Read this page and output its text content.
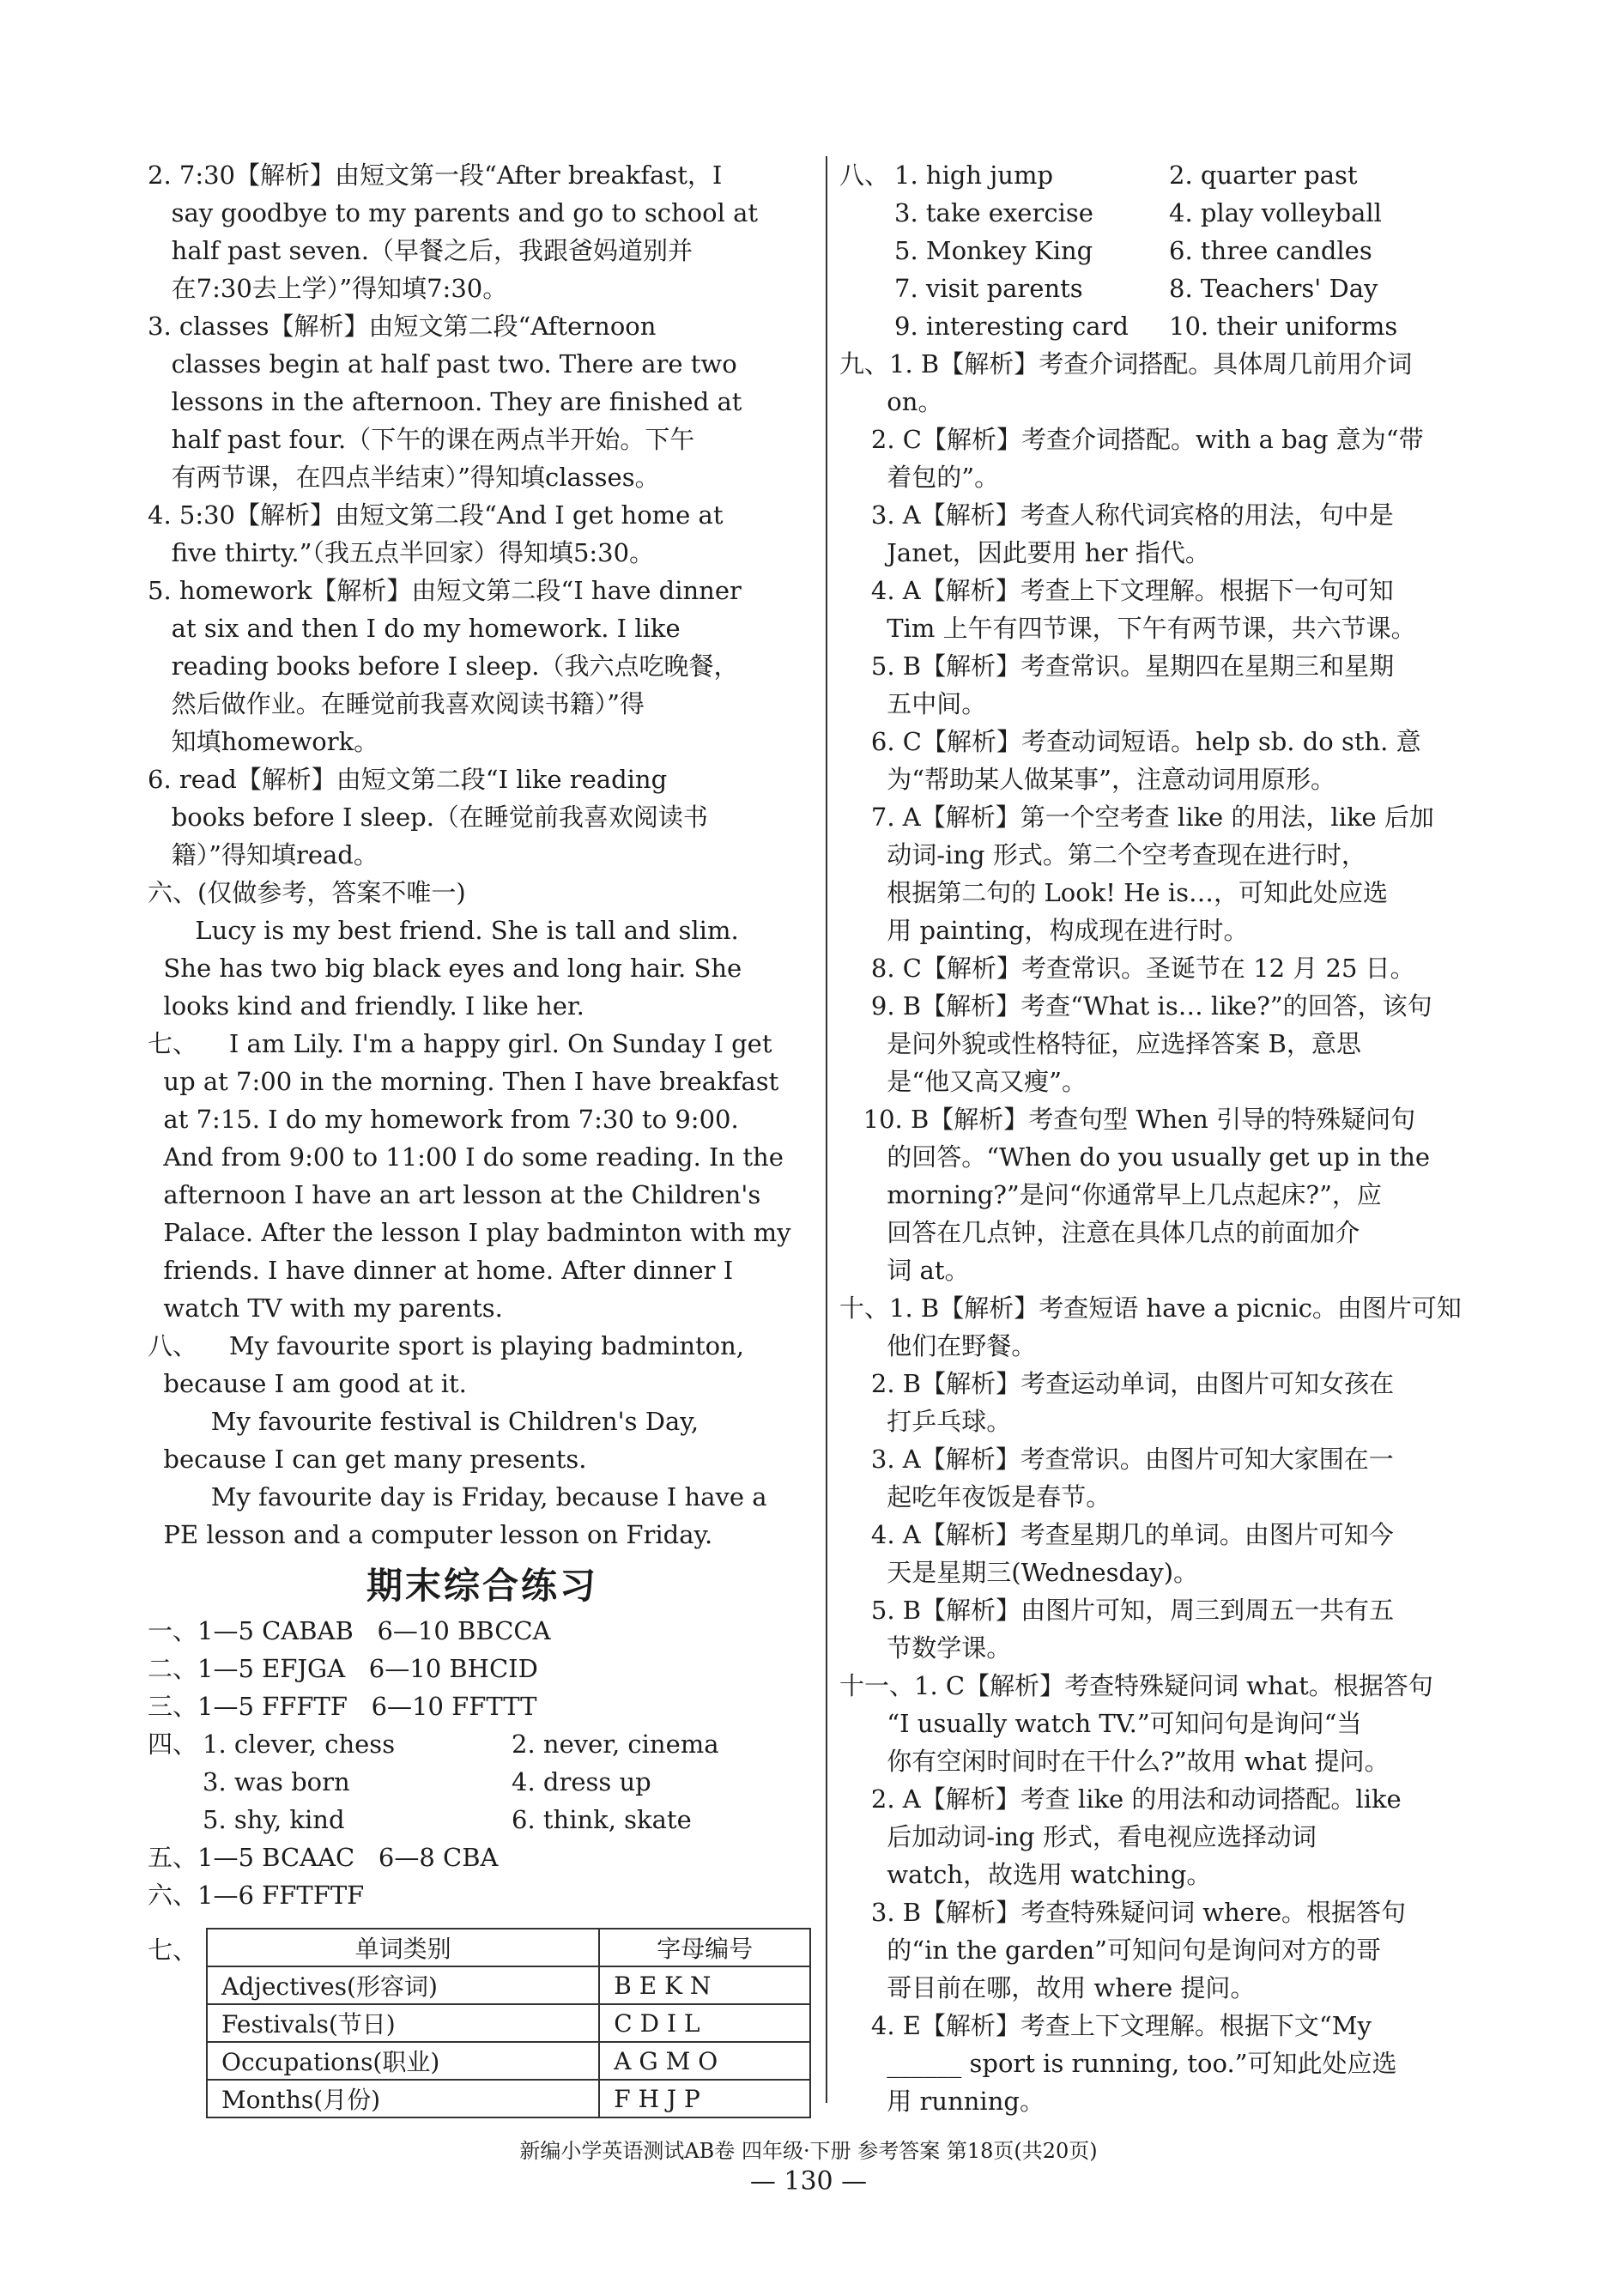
2. 7:30【解析】由短文第一段“After breakfast，I
say goodbye to my parents and go to school at
half past seven.（早餐之后，我跟爸妈道别并
在7:30去上学）”得知填7:30。
3. classes【解析】由短文第二段“Afternoon
classes begin at half past two. There are two
lessons in the afternoon. They are finished at
half past four.（下午的课在两点半开始。下午
有两节课，在四点半结束）”得知填classes。
4. 5:30【解析】由短文第二段“And I get home at
five thirty.”（我五点半回家）得知填5:30。
5. homework【解析】由短文第二段“I have dinner
at six and then I do my homework. I like
reading books before I sleep.（我六点吃晚餐，
然后做作业。在睡觉前我喜欢阅读书籍）”得
知填homework。
6. read【解析】由短文第二段“I like reading
books before I sleep.（在睡觉前我喜欢阅读书
籍）”得知填read。
六、(仅做参考，答案不唯一)
Lucy is my best friend. She is tall and slim.
She has two big black eyes and long hair. She
looks kind and friendly. I like her.
七、    I am Lily. I'm a happy girl. On Sunday I get
up at 7:00 in the morning. Then I have breakfast
at 7:15. I do my homework from 7:30 to 9:00.
And from 9:00 to 11:00 I do some reading. In the
afternoon I have an art lesson at the Children's
Palace. After the lesson I play badminton with my
friends. I have dinner at home. After dinner I
watch TV with my parents.
八、    My favourite sport is playing badminton,
because I am good at it.
My favourite festival is Children's Day,
because I can get many presents.
My favourite day is Friday, because I have a
PE lesson and a computer lesson on Friday.
期末综合练习
一、1—5 CABAB   6—10 BBCCA
二、1—5 EFJGA   6—10 BHCID
三、1—5 FFFTF   6—10 FFTTT
四、 1. clever, chess	2. never, cinema
3. was born	4. dress up
5. shy, kind	6. think, skate
五、1—5 BCAAC   6—8 CBA
六、1—6 FFTFTF
七、	单词类别	字母编号
Adjectives(形容词)	B E K N
Festivals(节日)	C D I L
Occupations(职业)	A G M O
Months(月份)	F H J P
八、 1. high jump	2. quarter past
3. take exercise	4. play volleyball
5. Monkey King	6. three candles
7. visit parents	8. Teachers' Day
9. interesting card	10. their uniforms
九、1. B【解析】考查介词搭配。具体周几前用介词
on。
2. C【解析】考查介词搭配。with a bag 意为“带
着包的”。
3. A【解析】考查人称代词宾格的用法，句中是
Janet，因此要用 her 指代。
4. A【解析】考查上下文理解。根据下一句可知
Tim 上午有四节课，下午有两节课，共六节课。
5. B【解析】考查常识。星期四在星期三和星期
五中间。
6. C【解析】考查动词短语。help sb. do sth. 意
为“帮助某人做某事”，注意动词用原形。
7. A【解析】第一个空考查 like 的用法，like 后加
动词-ing 形式。第二个空考查现在进行时，
根据第二句的 Look! He is…，可知此处应选
用 painting，构成现在进行时。
8. C【解析】考查常识。圣诞节在 12 月 25 日。
9. B【解析】考查“What is… like?”的回答，该句
是问外貌或性格特征，应选择答案 B，意思
是“他又高又瘦”。
10. B【解析】考查句型 When 引导的特殊疑问句
的回答。“When do you usually get up in the
morning?”是问“你通常早上几点起床?”，应
回答在几点钟，注意在具体几点的前面加介
词 at。
十、1. B【解析】考查短语 have a picnic。由图片可知
他们在野餐。
2. B【解析】考查运动单词，由图片可知女孩在
打乒乓球。
3. A【解析】考查常识。由图片可知大家围在一
起吃年夜饭是春节。
4. A【解析】考查星期几的单词。由图片可知今
天是星期三(Wednesday)。
5. B【解析】由图片可知，周三到周五一共有五
节数学课。
十一、1. C【解析】考查特殊疑问词 what。根据答句
“I usually watch TV.”可知问句是询问“当
你有空闲时间时在干什么?”故用 what 提问。
2. A【解析】考查 like 的用法和动词搭配。like
后加动词-ing 形式，看电视应选择动词
watch，故选用 watching。
3. B【解析】考查特殊疑问词 where。根据答句
的“in the garden”可知问句是询问对方的哥
哥目前在哪，故用 where 提问。
4. E【解析】考查上下文理解。根据下文“My
______ sport is running, too.”可知此处应选
用 running。
新编小学英语测试AB卷 四年级·下册 参考答案 第18页(共20页)
— 130 —
